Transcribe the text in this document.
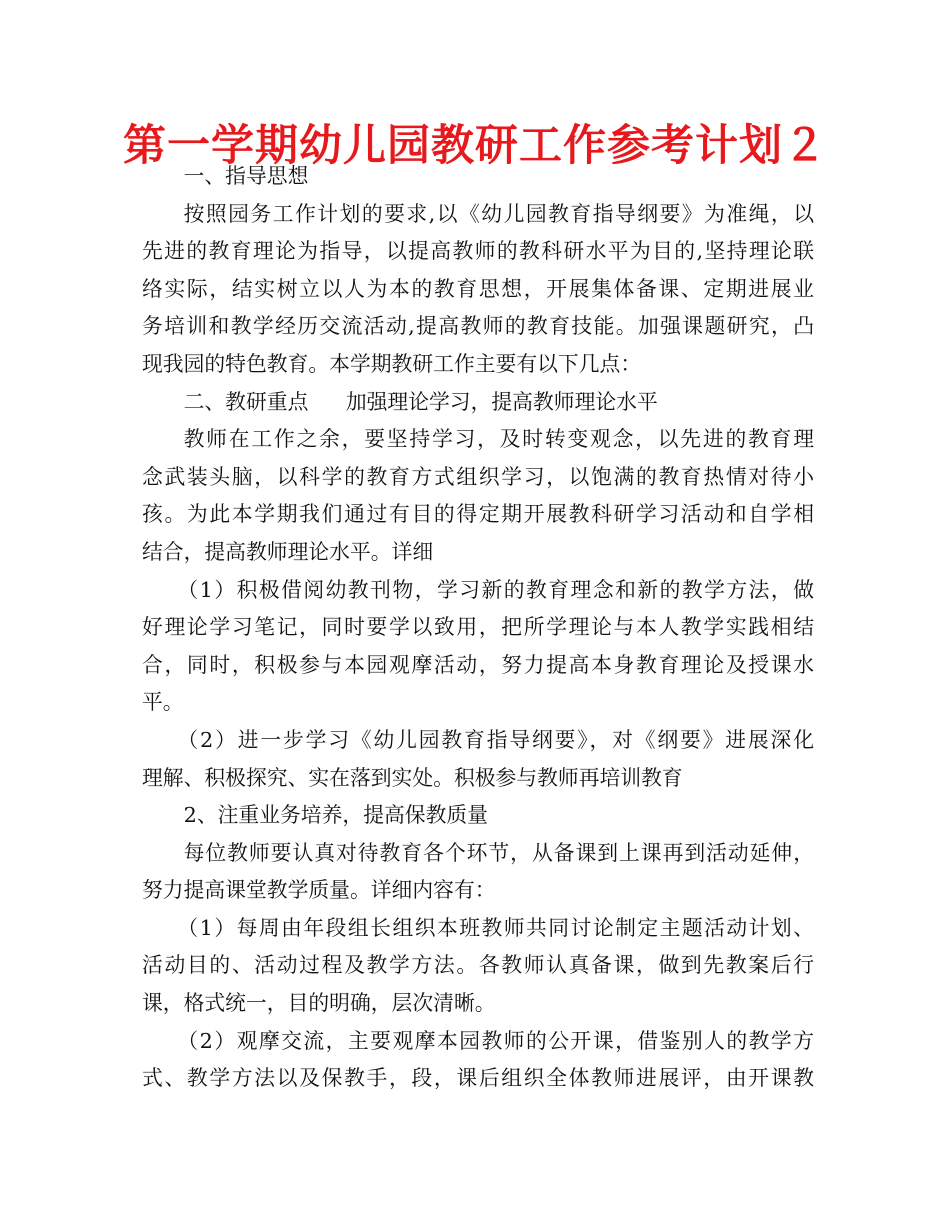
第一学期幼儿园教研工作参考计划２
一、指导思想
按照园务工作计划的要求,以《幼儿园教育指导纲要》为准绳，以
先进的教育理论为指导，以提高教师的教科研水平为目的,坚持理论联
络实际，结实树立以人为本的教育思想，开展集体备课、定期进展业
务培训和教学经历交流活动,提高教师的教育技能。加强课题研究，凸
现我园的特色教育。本学期教研工作主要有以下几点：
二、教研重点 加强理论学习，提高教师理论水平
教师在工作之余，要坚持学习，及时转变观念，以先进的教育理
念武装头脑，以科学的教育方式组织学习，以饱满的教育热情对待小
孩。为此本学期我们通过有目的得定期开展教科研学习活动和自学相
结合，提高教师理论水平。详细
（1）积极借阅幼教刊物，学习新的教育理念和新的教学方法，做
好理论学习笔记，同时要学以致用，把所学理论与本人教学实践相结
合，同时，积极参与本园观摩活动，努力提高本身教育理论及授课水
平。
（2）进一步学习《幼儿园教育指导纲要》，对《纲要》进展深化
理解、积极探究、实在落到实处。积极参与教师再培训教育
2、注重业务培养，提高保教质量
每位教师要认真对待教育各个环节，从备课到上课再到活动延伸，
努力提高课堂教学质量。详细内容有：
（1）每周由年段组长组织本班教师共同讨论制定主题活动计划、
活动目的、活动过程及教学方法。各教师认真备课，做到先教案后行
课，格式统一，目的明确，层次清晰。
（2）观摩交流，主要观摩本园教师的公开课，借鉴别人的教学方
式、教学方法以及保教手，段，课后组织全体教师进展评，由开课教
